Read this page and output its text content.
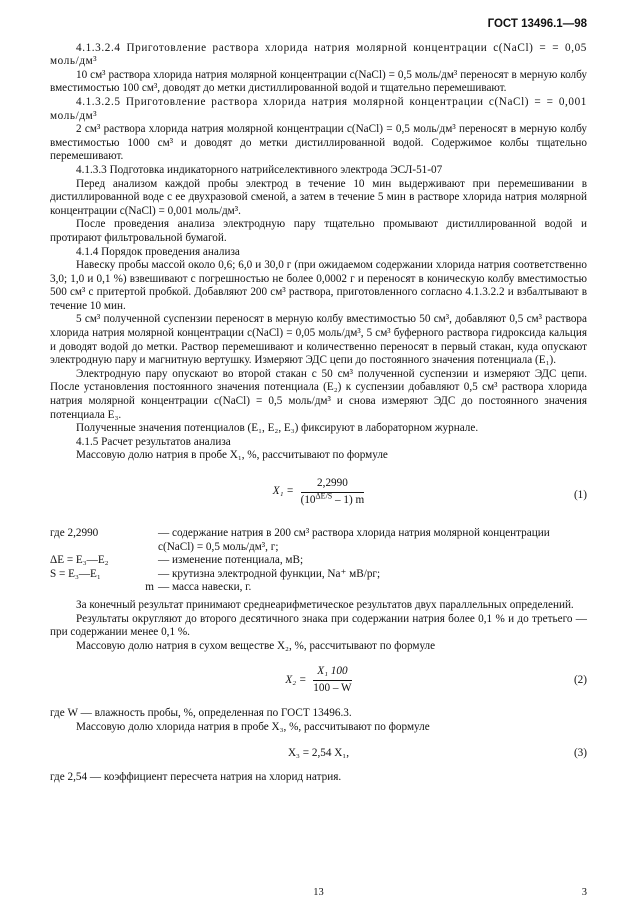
ГОСТ 13496.1—98

4.1.3.2.4 Приготовление раствора хлорида натрия молярной концентрации c(NaCl) = = 0,05 моль/дм³

10 см³ раствора хлорида натрия молярной концентрации c(NaCl) = 0,5 моль/дм³ переносят в мерную колбу вместимостью 100 см³, доводят до метки дистиллированной водой и тщательно перемешивают.

4.1.3.2.5 Приготовление раствора хлорида натрия молярной концентрации c(NaCl) = = 0,001 моль/дм³

2 см³ раствора хлорида натрия молярной концентрации c(NaCl) = 0,5 моль/дм³ переносят в мерную колбу вместимостью 1000 см³ и доводят до метки дистиллированной водой. Содержимое колбы тщательно перемешивают.

4.1.3.3 Подготовка индикаторного натрийселективного электрода ЭСЛ-51-07

Перед анализом каждой пробы электрод в течение 10 мин выдерживают при перемешивании в дистиллированной воде с ее двухразовой сменой, а затем в течение 5 мин в растворе хлорида натрия молярной концентрации c(NaCl) = 0,001 моль/дм³.

После проведения анализа электродную пару тщательно промывают дистиллированной водой и протирают фильтровальной бумагой.

4.1.4 Порядок проведения анализа

Навеску пробы массой около 0,6; 6,0 и 30,0 г (при ожидаемом содержании хлорида натрия соответственно 3,0; 1,0 и 0,1 %) взвешивают с погрешностью не более 0,0002 г и переносят в коническую колбу вместимостью 500 см³ с притертой пробкой. Добавляют 200 см³ раствора, приготовленного согласно 4.1.3.2.2 и взбалтывают в течение 10 мин.

5 см³ полученной суспензии переносят в мерную колбу вместимостью 50 см³, добавляют 0,5 см³ раствора хлорида натрия молярной концентрации c(NaCl) = 0,05 моль/дм³, 5 см³ буферного раствора гидроксида кальция и доводят водой до метки. Раствор перемешивают и количественно переносят в первый стакан, куда опускают электродную пару и магнитную вертушку. Измеряют ЭДС цепи до постоянного значения потенциала (E₁).

Электродную пару опускают во второй стакан с 50 см³ полученной суспензии и измеряют ЭДС цепи. После установления постоянного значения потенциала (E₂) к суспензии добавляют 0,5 см³ раствора хлорида натрия молярной концентрации c(NaCl) = 0,5 моль/дм³ и снова измеряют ЭДС до постоянного значения потенциала E₃.

Полученные значения потенциалов (E₁, E₂, E₃) фиксируют в лабораторном журнале.

4.1.5 Расчет результатов анализа

Массовую долю натрия в пробе X₁, %, рассчитывают по формуле

$X_1 = \frac{2,2990}{(10^{\Delta E/S} - 1) m}$	(1)
где 2,2990	— содержание натрия в 200 см³ раствора хлорида натрия молярной концентрации c(NaCl) = 0,5 моль/дм³, г;
ΔE = E₃—E₂	— изменение потенциала, мВ;
S = E₃—E₁	— крутизна электродной функции, Na⁺ мВ/pг;
m	— масса навески, г.

За конечный результат принимают среднеарифметическое результатов двух параллельных определений.

Результаты округляют до второго десятичного знака при содержании натрия более 0,1 % и до третьего — при содержании менее 0,1 %.

Массовую долю натрия в сухом веществе X₂, %, рассчитывают по формуле

$X_2 = \frac{\text{X₁ 100}}{100 - W}$	(2)

где W — влажность пробы, %, определенная по ГОСТ 13496.3.

Массовую долю хлорида натрия в пробе X₃, %, рассчитывают по формуле

X₃ = 2,54 X₁,	(3)

где 2,54 — коэффициент пересчета натрия на хлорид натрия.

13	3
